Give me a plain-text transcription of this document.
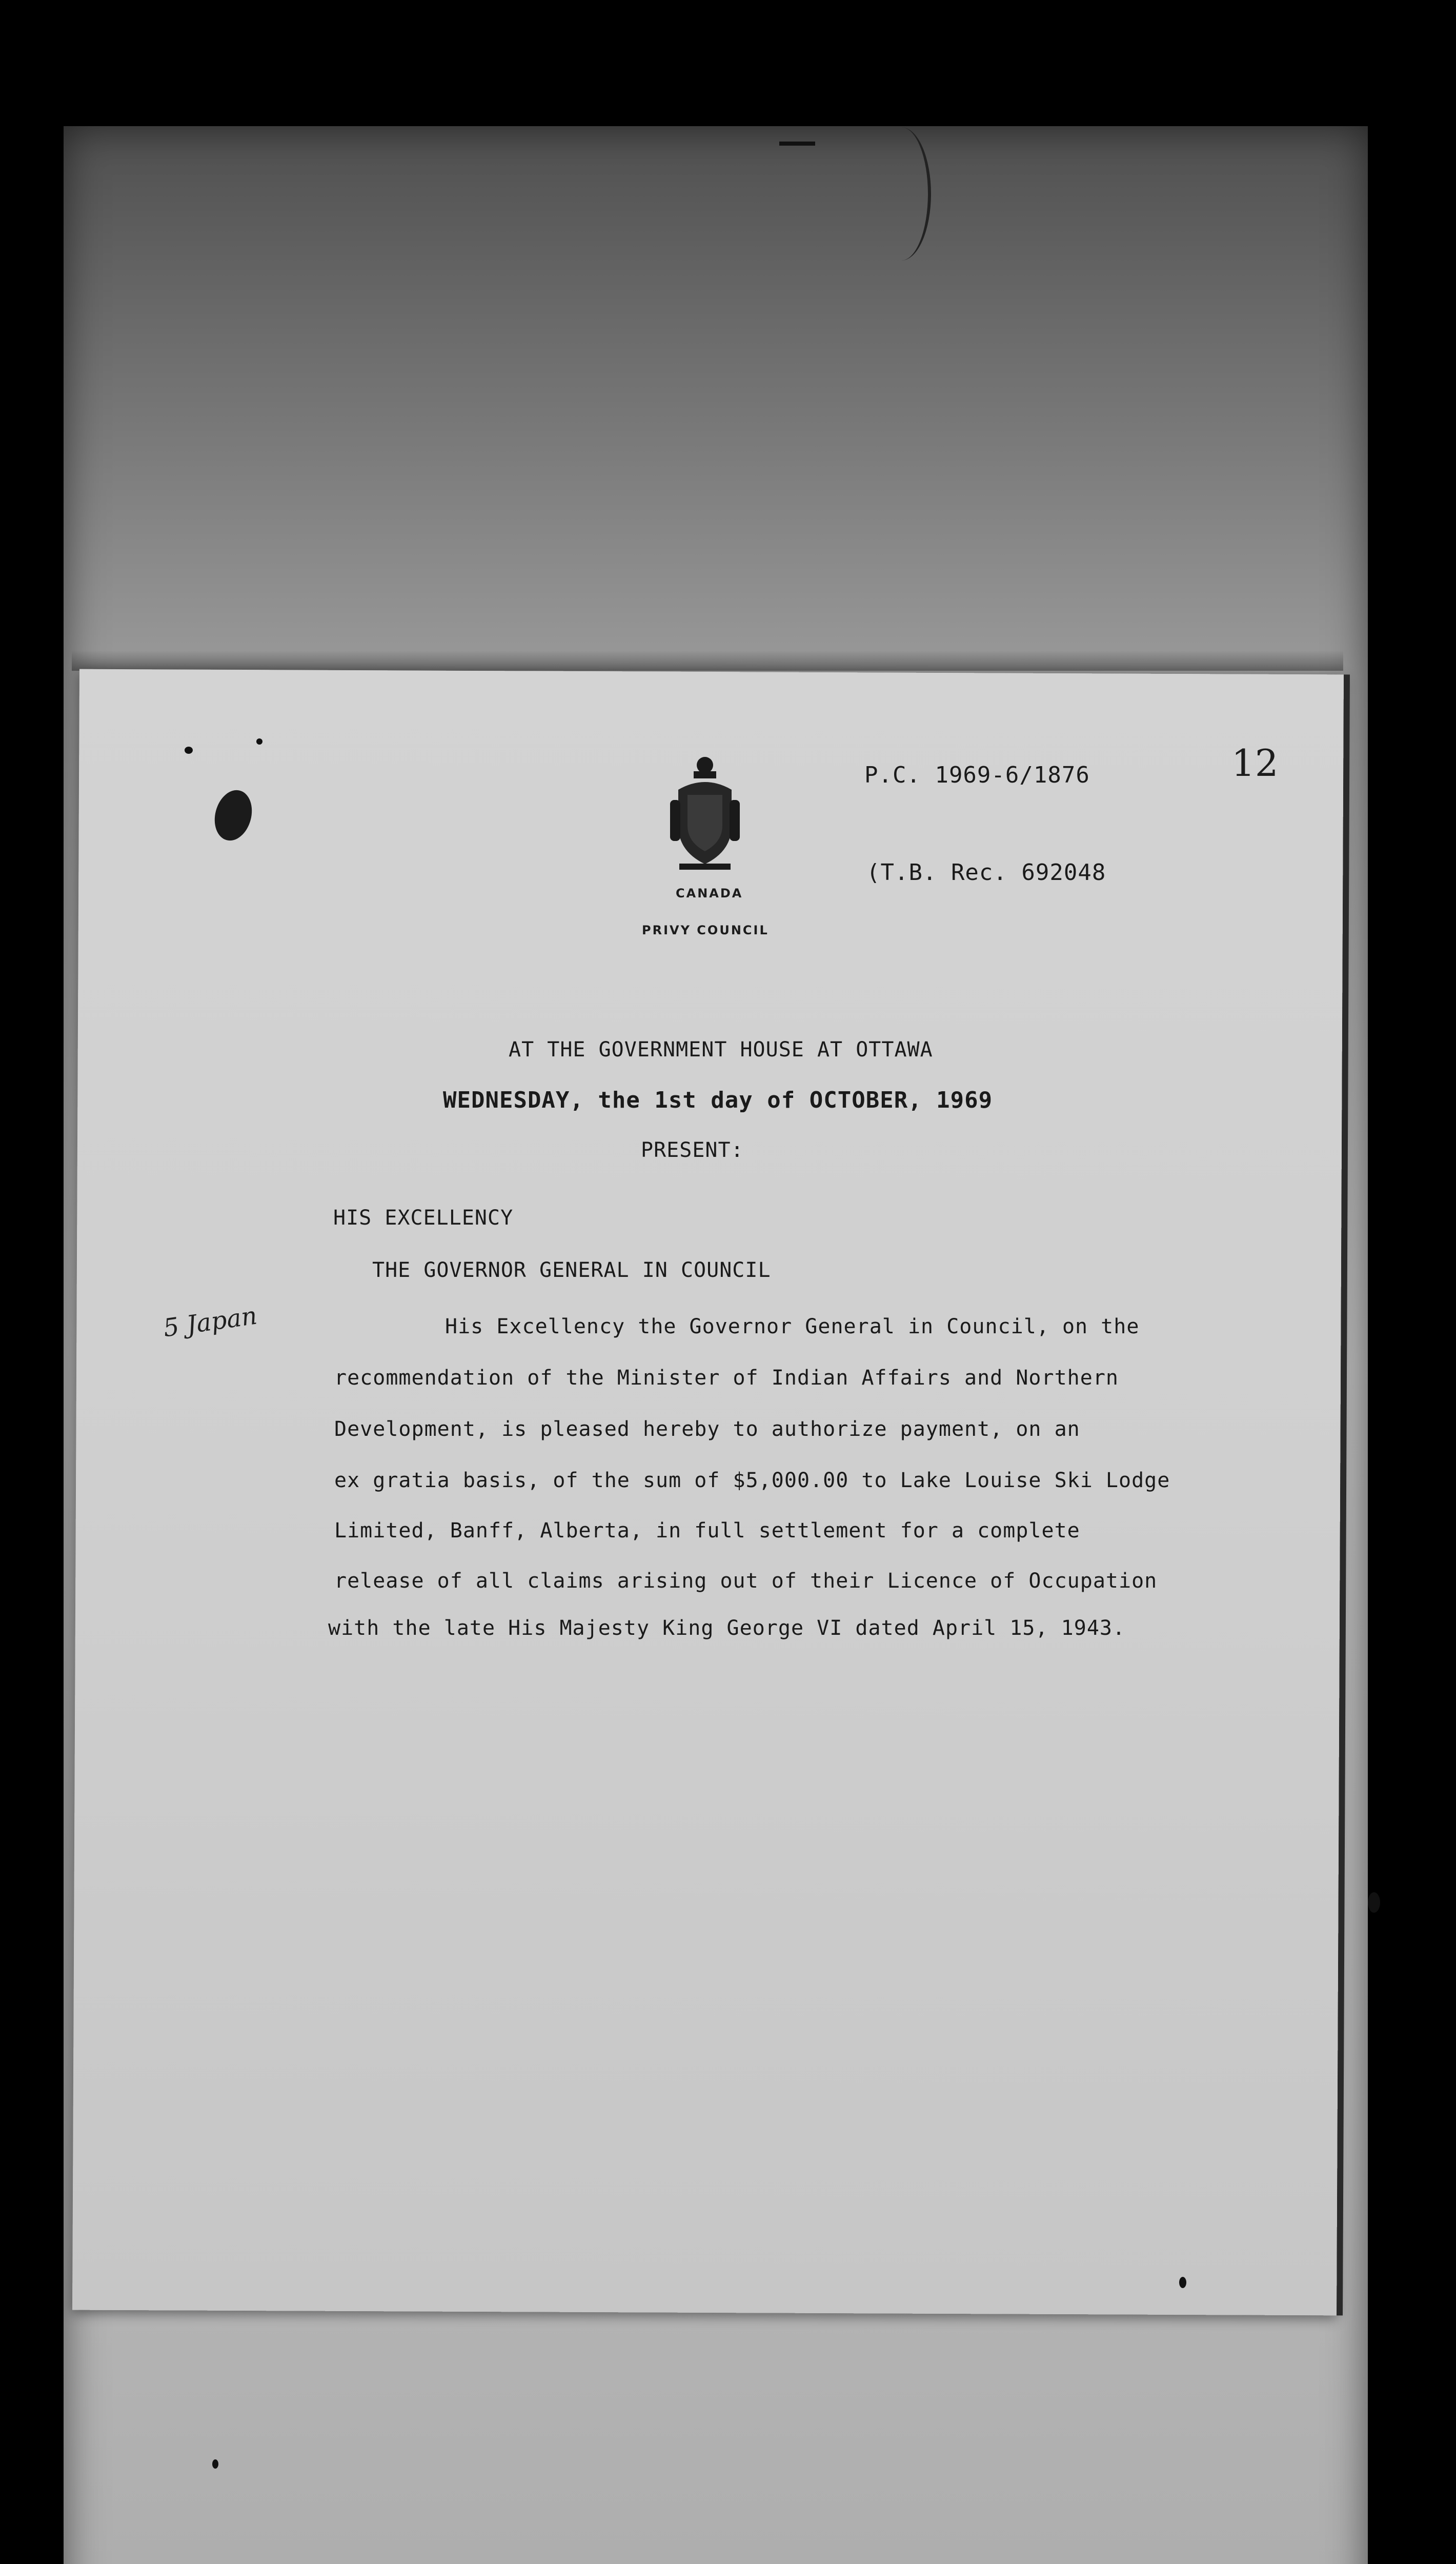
CANADA
PRIVY COUNCIL
P.C. 1969-6/1876	12
(T.B. Rec. 692048
AT THE GOVERNMENT HOUSE AT OTTAWA
WEDNESDAY, the 1st day of OCTOBER, 1969
PRESENT:
HIS EXCELLENCY
THE GOVERNOR GENERAL IN COUNCIL
5 Japan	His Excellency the Governor General in Council, on the
recommendation of the Minister of Indian Affairs and Northern
Development, is pleased hereby to authorize payment, on an
ex gratia basis, of the sum of $5,000.00 to Lake Louise Ski Lodge
Limited, Banff, Alberta, in full settlement for a complete
release of all claims arising out of their Licence of Occupation
with the late His Majesty King George VI dated April 15, 1943.
